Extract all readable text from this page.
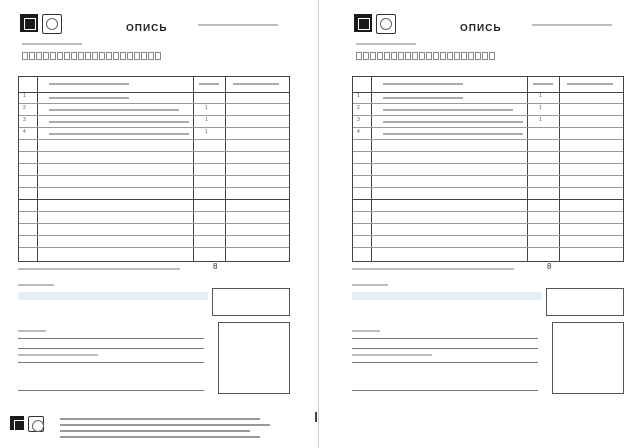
ОПИСЬ
1
2
3
4
1
1
1
8
ОПИСЬ
1
2
3
4
1
1
1
8
